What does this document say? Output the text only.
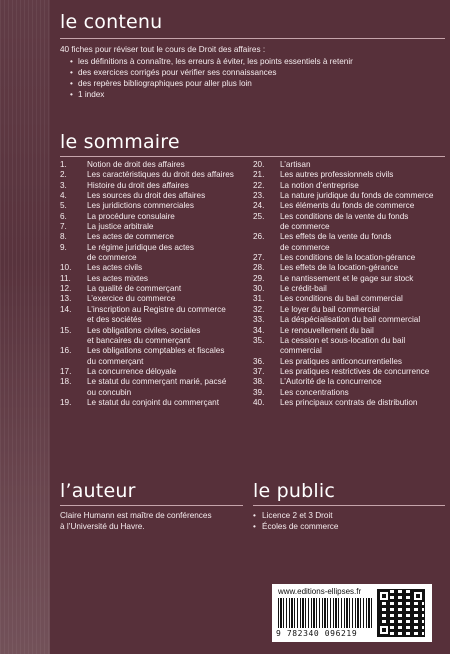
le contenu
40 fiches pour réviser tout le cours de Droit des affaires :
• les définitions à connaître, les erreurs à éviter, les points essentiels à retenir
• des exercices corrigés pour vérifier ses connaissances
• des repères bibliographiques pour aller plus loin
• 1 index
le sommaire
1.	Notion de droit des affaires
2.	Les caractéristiques du droit des affaires
3.	Histoire du droit des affaires
4.	Les sources du droit des affaires
5.	Les juridictions commerciales
6.	La procédure consulaire
7.	La justice arbitrale
8.	Les actes de commerce
9.	Le régime juridique des actes
de commerce
10.	Les actes civils
11.	Les actes mixtes
12.	La qualité de commerçant
13.	L’exercice du commerce
14.	L’inscription au Registre du commerce
et des sociétés
15.	Les obligations civiles, sociales
et bancaires du commerçant
16.	Les obligations comptables et fiscales
du commerçant
17.	La concurrence déloyale
18.	Le statut du commerçant marié, pacsé
ou concubin
19.	Le statut du conjoint du commerçant
20.	L’artisan
21.	Les autres professionnels civils
22.	La notion d’entreprise
23.	La nature juridique du fonds de commerce
24.	Les éléments du fonds de commerce
25.	Les conditions de la vente du fonds
de commerce
26.	Les effets de la vente du fonds
de commerce
27.	Les conditions de la location-gérance
28.	Les effets de la location-gérance
29.	Le nantissement et le gage sur stock
30.	Le crédit-bail
31.	Les conditions du bail commercial
32.	Le loyer du bail commercial
33.	La déspécialisation du bail commercial
34.	Le renouvellement du bail
35.	La cession et sous-location du bail
commercial
36.	Les pratiques anticoncurrentielles
37.	Les pratiques restrictives de concurrence
38.	L’Autorité de la concurrence
39.	Les concentrations
40.	Les principaux contrats de distribution
l’auteur
Claire Humann est maître de conférences
à l’Université du Havre.
le public
• Licence 2 et 3 Droit
• Écoles de commerce
www.editions-ellipses.fr
9 782340 096219
